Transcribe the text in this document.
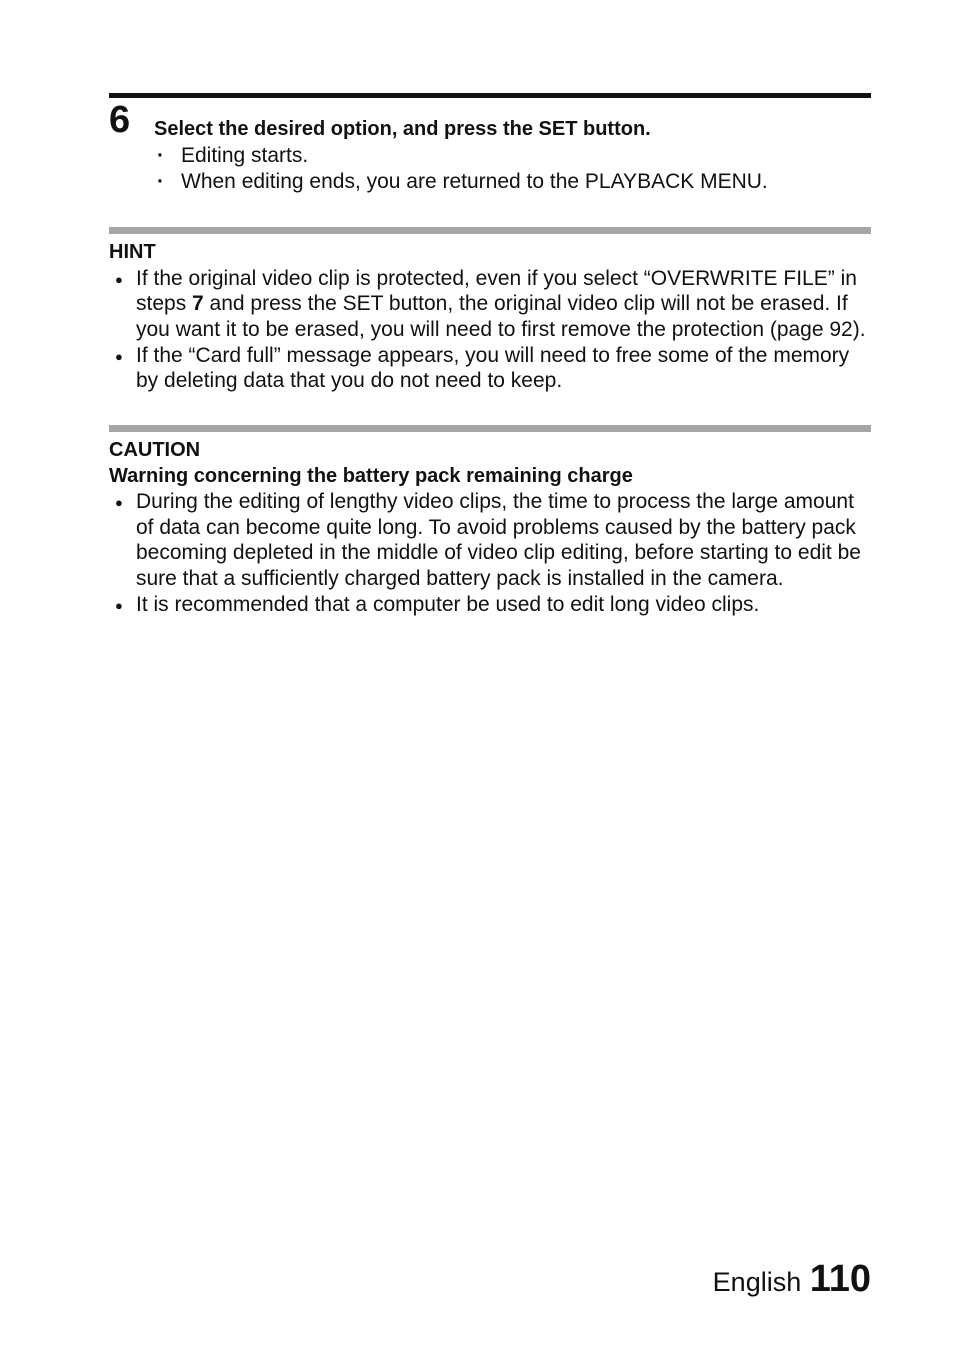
6 Select the desired option, and press the SET button.
· Editing starts.
· When editing ends, you are returned to the PLAYBACK MENU.
HINT
● If the original video clip is protected, even if you select “OVERWRITE FILE” in steps 7 and press the SET button, the original video clip will not be erased. If you want it to be erased, you will need to first remove the protection (page 92).
● If the “Card full” message appears, you will need to free some of the memory by deleting data that you do not need to keep.
CAUTION
Warning concerning the battery pack remaining charge
● During the editing of lengthy video clips, the time to process the large amount of data can become quite long. To avoid problems caused by the battery pack becoming depleted in the middle of video clip editing, before starting to edit be sure that a sufficiently charged battery pack is installed in the camera.
● It is recommended that a computer be used to edit long video clips.
English 110
